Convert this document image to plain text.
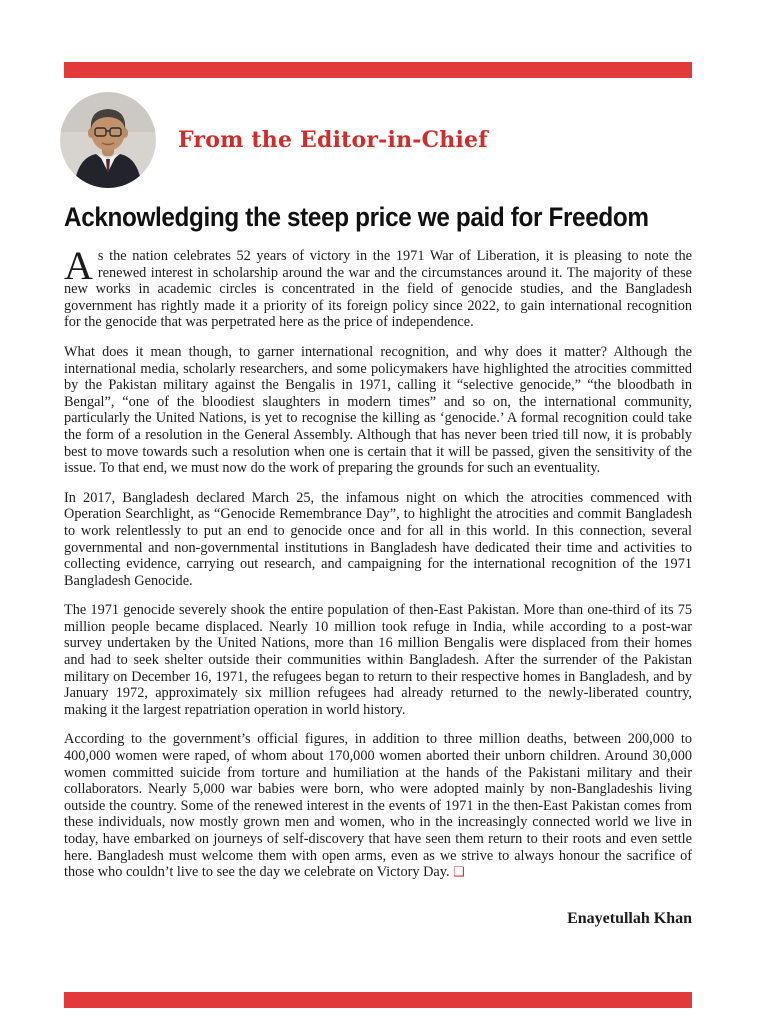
From the Editor-in-Chief
Acknowledging the steep price we paid for Freedom

As the nation celebrates 52 years of victory in the 1971 War of Liberation, it is pleasing to note the renewed interest in scholarship around the war and the circumstances around it. The majority of these new works in academic circles is concentrated in the field of genocide studies, and the Bangladesh government has rightly made it a priority of its foreign policy since 2022, to gain international recognition for the genocide that was perpetrated here as the price of independence.

What does it mean though, to garner international recognition, and why does it matter? Although the international media, scholarly researchers, and some policymakers have highlighted the atrocities committed by the Pakistan military against the Bengalis in 1971, calling it “selective genocide,” “the bloodbath in Bengal”, “one of the bloodiest slaughters in modern times” and so on, the international community, particularly the United Nations, is yet to recognise the killing as ‘genocide.’ A formal recognition could take the form of a resolution in the General Assembly. Although that has never been tried till now, it is probably best to move towards such a resolution when one is certain that it will be passed, given the sensitivity of the issue. To that end, we must now do the work of preparing the grounds for such an eventuality.

In 2017, Bangladesh declared March 25, the infamous night on which the atrocities commenced with Operation Searchlight, as “Genocide Remembrance Day”, to highlight the atrocities and commit Bangladesh to work relentlessly to put an end to genocide once and for all in this world. In this connection, several governmental and non-governmental institutions in Bangladesh have dedicated their time and activities to collecting evidence, carrying out research, and campaigning for the international recognition of the 1971 Bangladesh Genocide.

The 1971 genocide severely shook the entire population of then-East Pakistan. More than one-third of its 75 million people became displaced. Nearly 10 million took refuge in India, while according to a post-war survey undertaken by the United Nations, more than 16 million Bengalis were displaced from their homes and had to seek shelter outside their communities within Bangladesh. After the surrender of the Pakistan military on December 16, 1971, the refugees began to return to their respective homes in Bangladesh, and by January 1972, approximately six million refugees had already returned to the newly-liberated country, making it the largest repatriation operation in world history.

According to the government’s official figures, in addition to three million deaths, between 200,000 to 400,000 women were raped, of whom about 170,000 women aborted their unborn children. Around 30,000 women committed suicide from torture and humiliation at the hands of the Pakistani military and their collaborators. Nearly 5,000 war babies were born, who were adopted mainly by non-Bangladeshis living outside the country. Some of the renewed interest in the events of 1971 in the then-East Pakistan comes from these individuals, now mostly grown men and women, who in the increasingly connected world we live in today, have embarked on journeys of self-discovery that have seen them return to their roots and even settle here. Bangladesh must welcome them with open arms, even as we strive to always honour the sacrifice of those who couldn’t live to see the day we celebrate on Victory Day. ❑

Enayetullah Khan
